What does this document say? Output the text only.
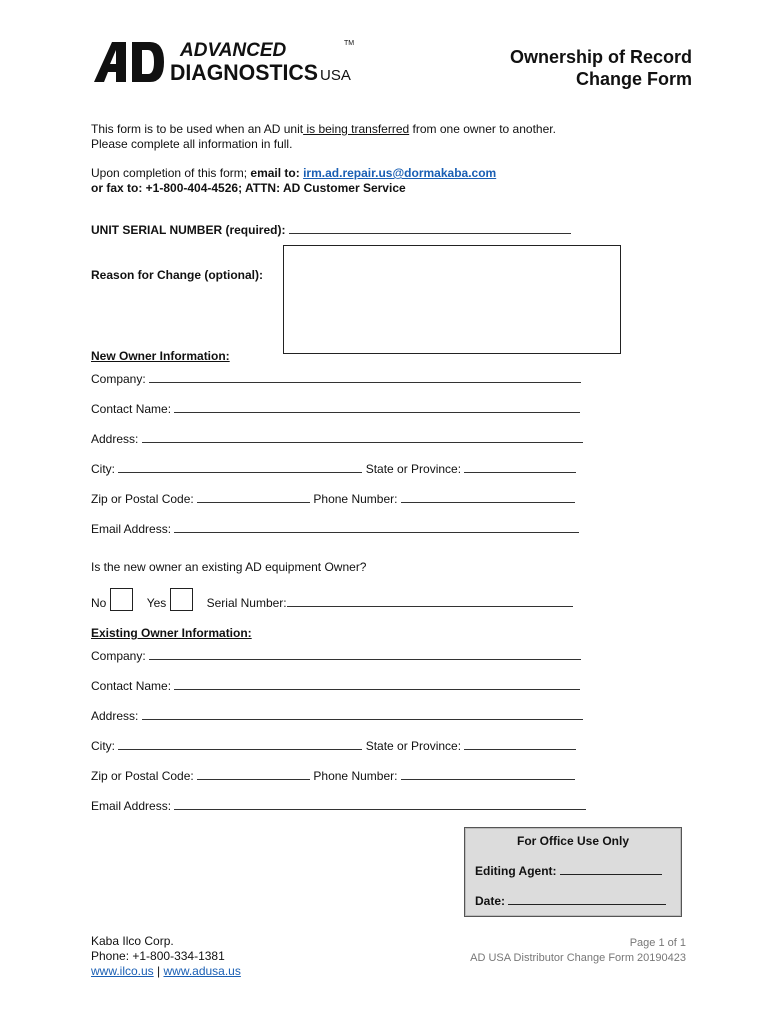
ADVANCED
DIAGNOSTICS USA
TM
Ownership of Record
Change Form
This form is to be used when an AD unit is being transferred from one owner to another.
Please complete all information in full.
Upon completion of this form; email to: irm.ad.repair.us@dormakaba.com
or fax to: +1-800-404-4526; ATTN: AD Customer Service
UNIT SERIAL NUMBER (required):
Reason for Change (optional):
New Owner Information:
Company:
Contact Name:
Address:
City:	State or Province:
Zip or Postal Code:	Phone Number:
Email Address:
Is the new owner an existing AD equipment Owner?
No	Yes	Serial Number:
Existing Owner Information:
Company:
Contact Name:
Address:
City:	State or Province:
Zip or Postal Code:	Phone Number:
Email Address:
For Office Use Only
Editing Agent:
Date:
Kaba Ilco Corp.
Phone: +1-800-334-1381
www.ilco.us | www.adusa.us
Page 1 of 1
AD USA Distributor Change Form 20190423
